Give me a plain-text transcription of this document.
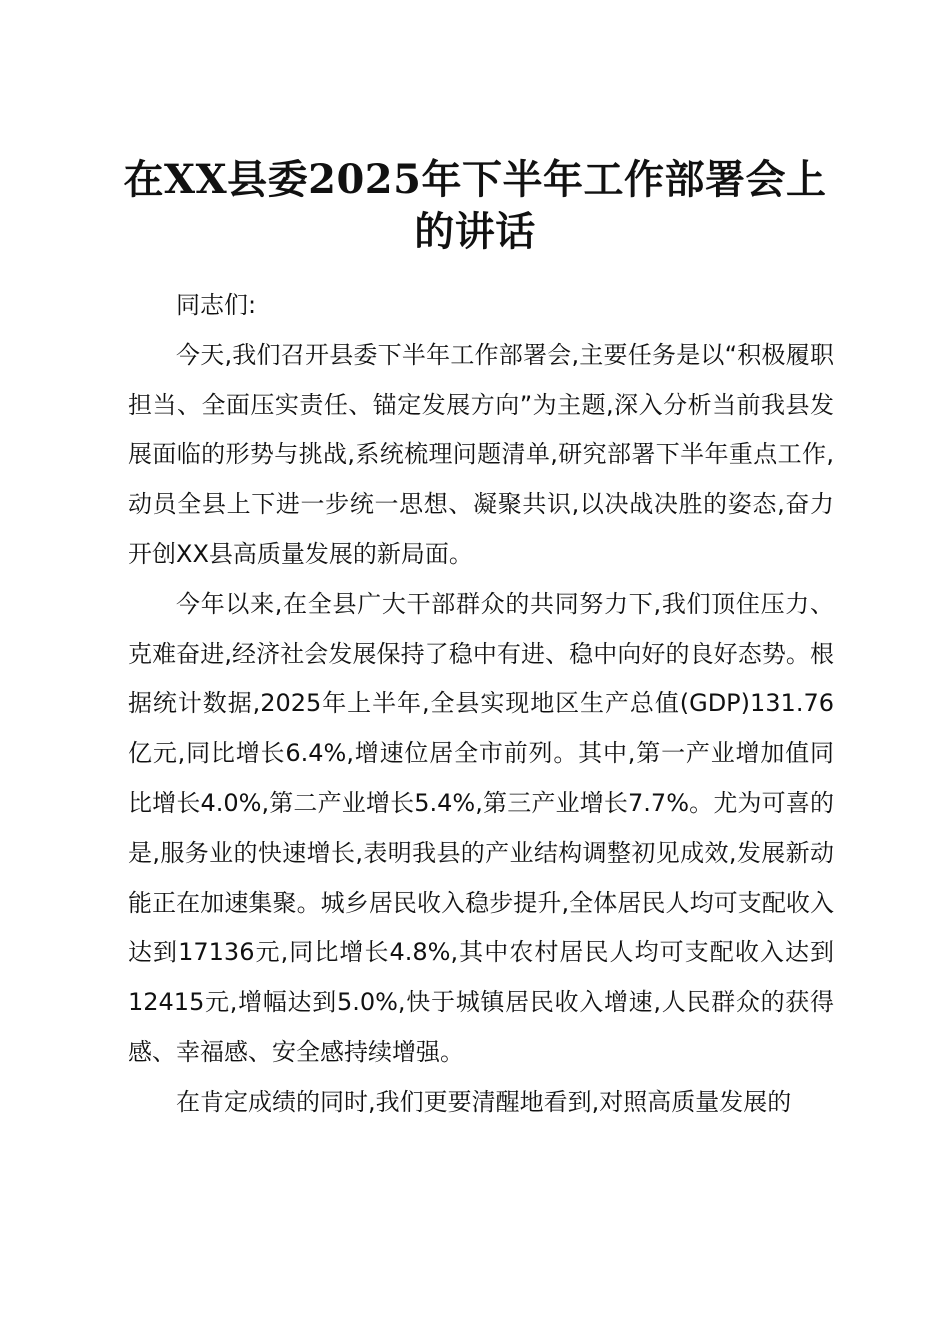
在XX县委2025年下半年工作部署会上的讲话

同志们:

今天,我们召开县委下半年工作部署会,主要任务是以“积极履职担当、全面压实责任、锚定发展方向”为主题,深入分析当前我县发展面临的形势与挑战,系统梳理问题清单,研究部署下半年重点工作,动员全县上下进一步统一思想、凝聚共识,以决战决胜的姿态,奋力开创XX县高质量发展的新局面。

今年以来,在全县广大干部群众的共同努力下,我们顶住压力、克难奋进,经济社会发展保持了稳中有进、稳中向好的良好态势。根据统计数据,2025年上半年,全县实现地区生产总值(GDP)131.76亿元,同比增长6.4%,增速位居全市前列。其中,第一产业增加值同比增长4.0%,第二产业增长5.4%,第三产业增长7.7%。尤为可喜的是,服务业的快速增长,表明我县的产业结构调整初见成效,发展新动能正在加速集聚。城乡居民收入稳步提升,全体居民人均可支配收入达到17136元,同比增长4.8%,其中农村居民人均可支配收入达到12415元,增幅达到5.0%,快于城镇居民收入增速,人民群众的获得感、幸福感、安全感持续增强。

在肯定成绩的同时,我们更要清醒地看到,对照高质量发展的
